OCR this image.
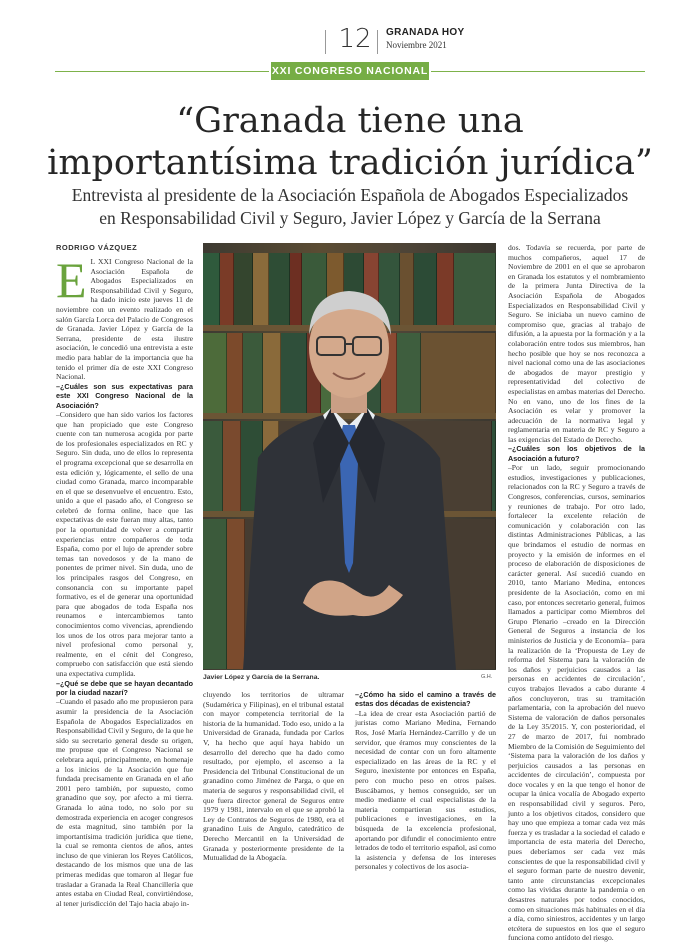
12	GRANADA HOY
Noviembre 2021
XXI CONGRESO NACIONAL
“Granada tiene una
importantísima tradición jurídica”
Entrevista al presidente de la Asociación Española de Abogados Especializados
en Responsabilidad Civil y Seguro, Javier López y García de la Serrana
RODRIGO VÁZQUEZ
E L XXI Congreso Nacional de la Asociación Española de Abogados Especializados en Responsabilidad Civil y Seguro, ha dado inicio este jueves 11 de noviembre con un evento realizado en el salón García Lorca del Palacio de Congresos de Granada. Javier López y García de la Serrana, presidente de esta ilustre asociación, le concedió una entrevista a este medio para hablar de la importancia que ha tenido el primer día de este XXI Congreso Nacional.

–¿Cuáles son sus expectativas para este XXI Congreso Nacional de la Asociación?

–Considero que han sido varios los factores que han propiciado que este Congreso cuente con tan numerosa acogida por parte de los profesionales especializados en RC y Seguro. Sin duda, uno de ellos lo representa el programa excepcional que se desarrolla en esta edición y, lógicamente, el sello de una ciudad como Granada, marco incomparable en el que se desenvuelve el encuentro. Esto, unido a que el pasado año, el Congreso se celebró de forma online, hace que las expectativas de este fueran muy altas, tanto por la oportunidad de volver a compartir experiencias entre compañeros de toda España, como por el lujo de aprender sobre temas tan novedosos y de la mano de ponentes de primer nivel. Sin duda, uno de los principales rasgos del Congreso, en consonancia con su importante papel formativo, es el de generar una oportunidad para que abogados de toda España nos reunamos e intercambiemos tanto conocimientos como vivencias, aprendiendo los unos de los otros para mejorar tanto a nivel profesional como personal y, realmente, en el cénit del Congreso, compruebo con satisfacción que está siendo una expectativa cumplida.

–¿Qué se debe que se hayan decantado por la ciudad nazarí?

–Cuando el pasado año me propusieron para asumir la presidencia de la Asociación Española de Abogados Especializados en Responsabilidad Civil y Seguro, de la que he sido su secretario general desde su origen, me propuse que el Congreso Nacional se celebrara aquí, principalmente, en homenaje a los inicios de la Asociación que fue fundada precisamente en Granada en el año 2001 pero también, por supuesto, como granadino que soy, por afecto a mi tierra. Granada lo aúna todo, no solo por su demostrada experiencia en acoger congresos de esta magnitud, sino también por la importantísima tradición jurídica que tiene, la cual se remonta cientos de años, antes incluso de que vinieran los Reyes Católicos, destacando de los mismos que una de las primeras medidas que tomaron al llegar fue trasladar a Granada la Real Chancillería que antes estaba en Ciudad Real, convirtiéndose, al tener jurisdicción del Tajo hacia abajo in-

Javier López y García de la Serrana.	G.H.

cluyendo los territorios de ultramar (Sudamérica y Filipinas), en el tribunal estatal con mayor competencia territorial de la historia de la humanidad. Todo eso, unido a la Universidad de Granada, fundada por Carlos V, ha hecho que aquí haya habido un desarrollo del derecho que ha dado como resultado, por ejemplo, el ascenso a la Presidencia del Tribunal Constitucional de un granadino como Jiménez de Parga, o que en materia de seguros y responsabilidad civil, el que fuera director general de Seguros entre 1979 y 1981, intervalo en el que se aprobó la Ley de Contratos de Seguros de 1980, era el granadino Luis de Angulo, catedrático de Derecho Mercantil en la Universidad de Granada y posteriormente presidente de la Mutualidad de la Abogacía.

–¿Cómo ha sido el camino a través de estas dos décadas de existencia?

–La idea de crear esta Asociación partió de juristas como Mariano Medina, Fernando Ros, José María Hernández-Carrillo y de un servidor, que éramos muy conscientes de la necesidad de contar con un foro altamente especializado en las áreas de la RC y el Seguro, inexistente por entonces en España, pero con mucho peso en otros países. Buscábamos, y hemos conseguido, ser un medio mediante el cual especialistas de la materia compartieran sus estudios, publicaciones e investigaciones, en la búsqueda de la excelencia profesional, aportando por difundir el conocimiento entre letrados de todo el territorio español, así como la asistencia y defensa de los intereses personales y colectivos de los asocia-

dos. Todavía se recuerda, por parte de muchos compañeros, aquel 17 de Noviembre de 2001 en el que se aprobaron en Granada los estatutos y el nombramiento de la primera Junta Directiva de la Asociación Española de Abogados Especializados en Responsabilidad Civil y Seguro. Se iniciaba un nuevo camino de compromiso que, gracias al trabajo de difusión, a la apuesta por la formación y a la colaboración entre todos sus miembros, han hecho posible que hoy se nos reconozca a nivel nacional como una de las asociaciones de abogados de mayor prestigio y representatividad del colectivo de especialistas en ambas materias del Derecho. No en vano, uno de los fines de la Asociación es velar y promover la adecuación de la normativa legal y reglamentaria en materia de RC y Seguro a las exigencias del Estado de Derecho.

–¿Cuáles son los objetivos de la Asociación a futuro?

–Por un lado, seguir promocionando estudios, investigaciones y publicaciones, relacionados con la RC y Seguro a través de Congresos, conferencias, cursos, seminarios y reuniones de trabajo. Por otro lado, fortalecer la excelente relación de comunicación y colaboración con las distintas Administraciones Públicas, a las que brindamos el estudio de normas en proyecto y la emisión de informes en el proceso de elaboración de disposiciones de carácter general. Así sucedió cuando en 2010, tanto Mariano Medina, entonces presidente de la Asociación, como en mi caso, por entonces secretario general, fuimos llamados a participar como Miembros del Grupo Plenario –creado en la Dirección General de Seguros a instancia de los ministerios de Justicia y de Economía– para la realización de la ‘Propuesta de Ley de reforma del Sistema para la valoración de los daños y perjuicios causados a las personas en accidentes de circulación’, cuyos trabajos llevados a cabo durante 4 años concluyeron, tras su tramitación parlamentaria, con la aprobación del nuevo Sistema de valoración de daños personales de la Ley 35/2015. Y, con posterioridad, el 27 de marzo de 2017, fui nombrado Miembro de la Comisión de Seguimiento del ‘Sistema para la valoración de los daños y perjuicios causados a las personas en accidentes de circulación’, compuesta por doce vocales y en la que tengo el honor de ocupar la única vocalía de Abogado experto en responsabilidad civil y seguros. Pero, junto a los objetivos citados, considero que hay uno que empieza a tomar cada vez más fuerza y es trasladar a la sociedad el calado e importancia de esta materia del Derecho, pues deberíamos ser cada vez más conscientes de que la responsabilidad civil y el seguro forman parte de nuestro devenir, tanto ante circunstancias excepcionales como las vividas durante la pandemia o en desastres naturales por todos conocidos, como en situaciones más habituales en el día a día, como siniestros, accidentes y un largo etcétera de supuestos en los que el seguro funciona como antídoto del riesgo.
